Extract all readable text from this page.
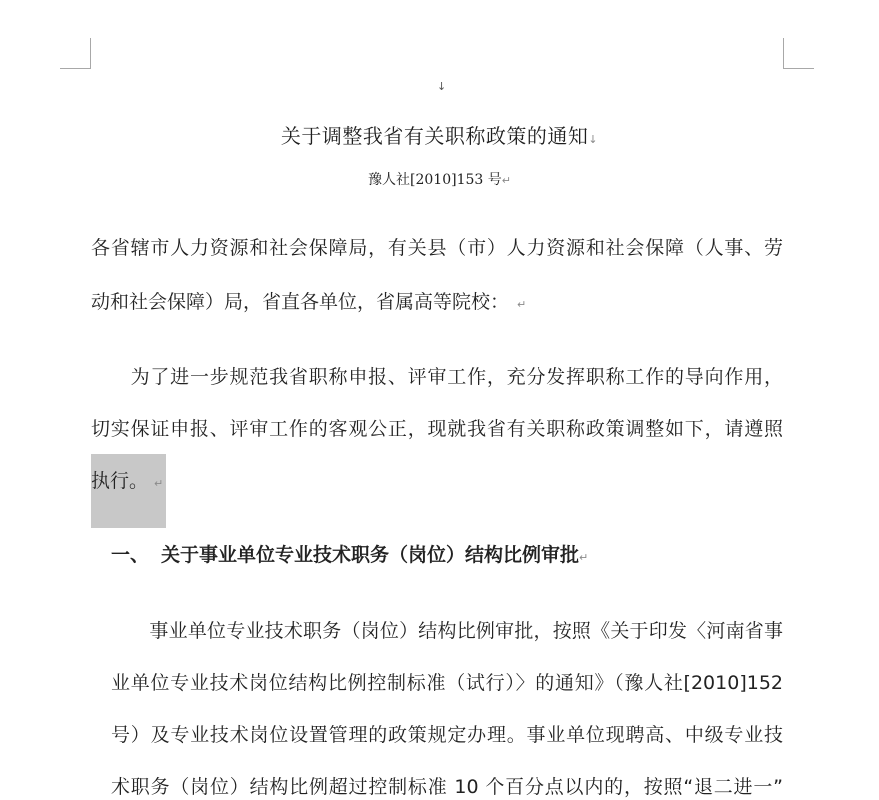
↓
关于调整我省有关职称政策的通知↓
豫人社[2010]153 号↵
各省辖市人力资源和社会保障局，有关县（市）人力资源和社会保障（人事、劳
动和社会保障）局，省直各单位，省属高等院校： ↵
　　为了进一步规范我省职称申报、评审工作，充分发挥职称工作的导向作用，
切实保证申报、评审工作的客观公正，现就我省有关职称政策调整如下，请遵照
执行。 ↵
一、 关于事业单位专业技术职务（岗位）结构比例审批↵
　　事业单位专业技术职务（岗位）结构比例审批，按照《关于印发〈河南省事
业单位专业技术岗位结构比例控制标准（试行）〉的通知》（豫人社[2010]152
号）及专业技术岗位设置管理的政策规定办理。事业单位现聘高、中级专业技
术职务（岗位）结构比例超过控制标准 10 个百分点以内的，按照“退二进一”
